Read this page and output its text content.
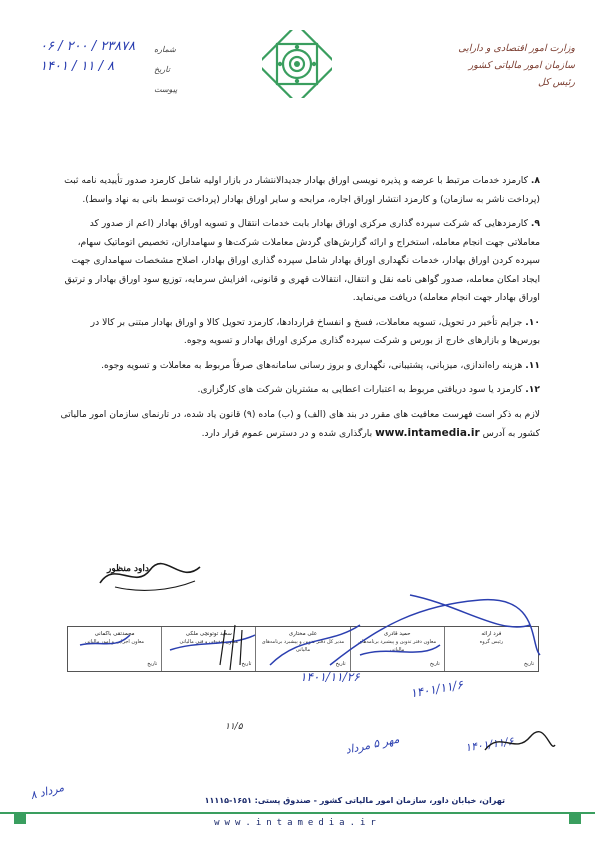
وزارت امور اقتصادی و دارایی
سازمان امور مالیاتی کشور
رئیس کل
شماره
۰۶ / ۲۰۰ / ۲۳۸۷۸
تاریخ
۱۴۰۱ / ۱۱ / ۸
پیوست

۸. کارمزد خدمات مرتبط با عرضه و پذیره نویسی اوراق بهادار جدیدالانتشار در بازار اولیه شامل کارمزد صدور تأییدیه نامه ثبت (پرداخت ناشر به سازمان) و کارمزد انتشار اوراق اجاره، مرابحه و سایر اوراق بهادار (پرداخت توسط بانی به نهاد واسط).

۹. کارمزدهایی که شرکت سپرده گذاری مرکزی اوراق بهادار بابت خدمات انتقال و تسویه اوراق بهادار (اعم از صدور کد معاملاتی جهت انجام معامله، استخراج و ارائه گزارش‌های گردش معاملات شرکت‌ها و سهامداران، تخصیص اتوماتیک سهام، سپرده کردن اوراق بهادار، خدمات نگهداری اوراق بهادار شامل سپرده گذاری اوراق بهادار، اصلاح مشخصات سهامداری جهت ایجاد امکان معامله، صدور گواهی نامه نقل و انتقال، انتقالات قهری و قانونی، افزایش سرمایه، توزیع سود اوراق بهادار و ترتیق اوراق بهادار جهت انجام معامله) دریافت می‌نماید.

۱۰. جرایم تأخیر در تحویل، تسویه معاملات، فسخ و انفساخ قراردادها، کارمزد تحویل کالا و اوراق بهادار مبتنی بر کالا در بورس‌ها و بازارهای خارج از بورس و شرکت سپرده گذاری مرکزی اوراق بهادار و تسویه وجوه.

۱۱. هزینه راه‌اندازی، میزبانی، پشتیبانی، نگهداری و بروز رسانی سامانه‌های صرفاً مربوط به معاملات و تسویه وجوه.

۱۲. کارمزد یا سود دریافتی مربوط به اعتبارات اعطایی به مشتریان شرکت های کارگزاری.

لازم به ذکر است فهرست معافیت های مقرر در بند های (الف) و (ب) ماده (۹) قانون یاد شده، در تارنمای سازمان امور مالیاتی کشور به آدرس www.intamedia.ir بارگذاری شده و در دسترس عموم قرار دارد.

داود منظور
فرد ارائه
رئیس گروه
تاریخ
حمید قادری
معاون دفتر تدوین و پیشبرد برنامه‌های مالیاتی
تاریخ
علی مختاری
مدیر کل دفتر تدوین و پیشبرد برنامه‌های مالیاتی
تاریخ
سعید توتونچی ملکی
معاون حقوقی و فنی مالیاتی
تاریخ
محمدتقی باکمانی
معاون اجرایی و امور مالیاتی
تاریخ
۱۴۰۱/۱۱/۲۶
۱۴۰۱/۱۱/۶
۱۴۰۱/۱۱/۶
۸ مرداد
مهر ۵ مرداد
۱۱/۵
تهران، خیابان داور، سازمان امور مالیاتی کشور - صندوق پستی: ۱۶۵۱-۱۱۱۱۵
www.intamedia.ir
